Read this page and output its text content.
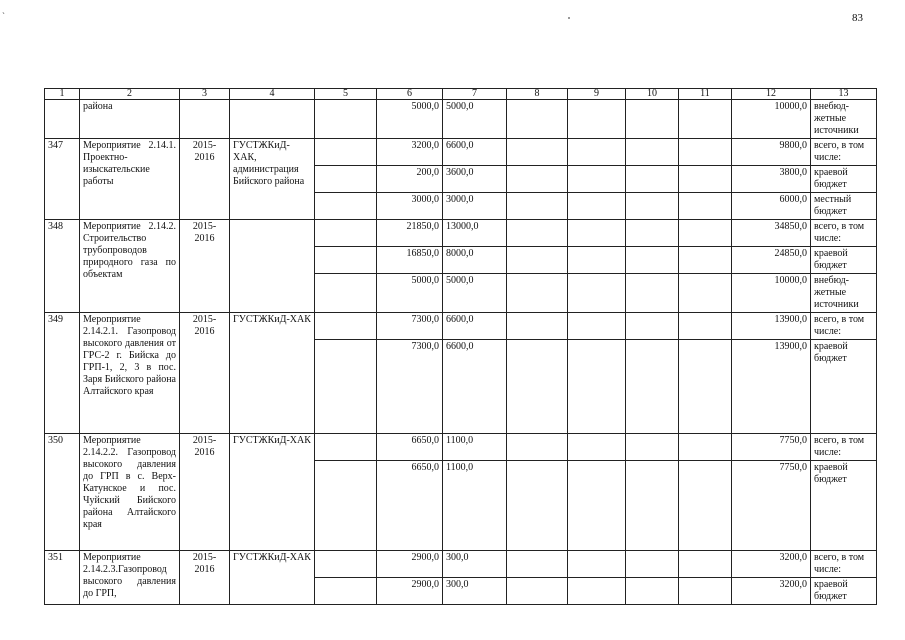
ˎ
83
1	2	3	4	5	6	7	8	9	10	11	12	13
	района				5000,0	5000,0					10000,0	внебюд-жетные источники
347	Мероприятие 2.14.1. Проектно-изыскательские работы	2015-2016	ГУСТЖКиД-ХАК, администрация Бийского района		3200,0	6600,0					9800,0	всего, в том числе:
					200,0	3600,0					3800,0	краевой бюджет
					3000,0	3000,0					6000,0	местный бюджет
348	Мероприятие 2.14.2. Строительство трубопроводов природного газа по объектам	2015-2016			21850,0	13000,0					34850,0	всего, в том числе:
					16850,0	8000,0					24850,0	краевой бюджет
					5000,0	5000,0					10000,0	внебюд-жетные источники
349	Мероприятие 2.14.2.1. Газопровод высокого давления от ГРС-2 г. Бийска до ГРП-1, 2, 3 в пос. Заря Бийского района Алтайского края	2015-2016	ГУСТЖКиД-ХАК		7300,0	6600,0					13900,0	всего, в том числе:
					7300,0	6600,0					13900,0	краевой бюджет
350	Мероприятие 2.14.2.2. Газопровод высокого давления до ГРП в с. Верх-Катунское и пос. Чуйский Бийского района Алтайского края	2015-2016	ГУСТЖКиД-ХАК		6650,0	1100,0					7750,0	всего, в том числе:
					6650,0	1100,0					7750,0	краевой бюджет
351	Мероприятие 2.14.2.3.Газопровод высокого давления до ГРП,	2015-2016	ГУСТЖКиД-ХАК		2900,0	300,0					3200,0	всего, в том числе:
					2900,0	300,0					3200,0	краевой бюджет
